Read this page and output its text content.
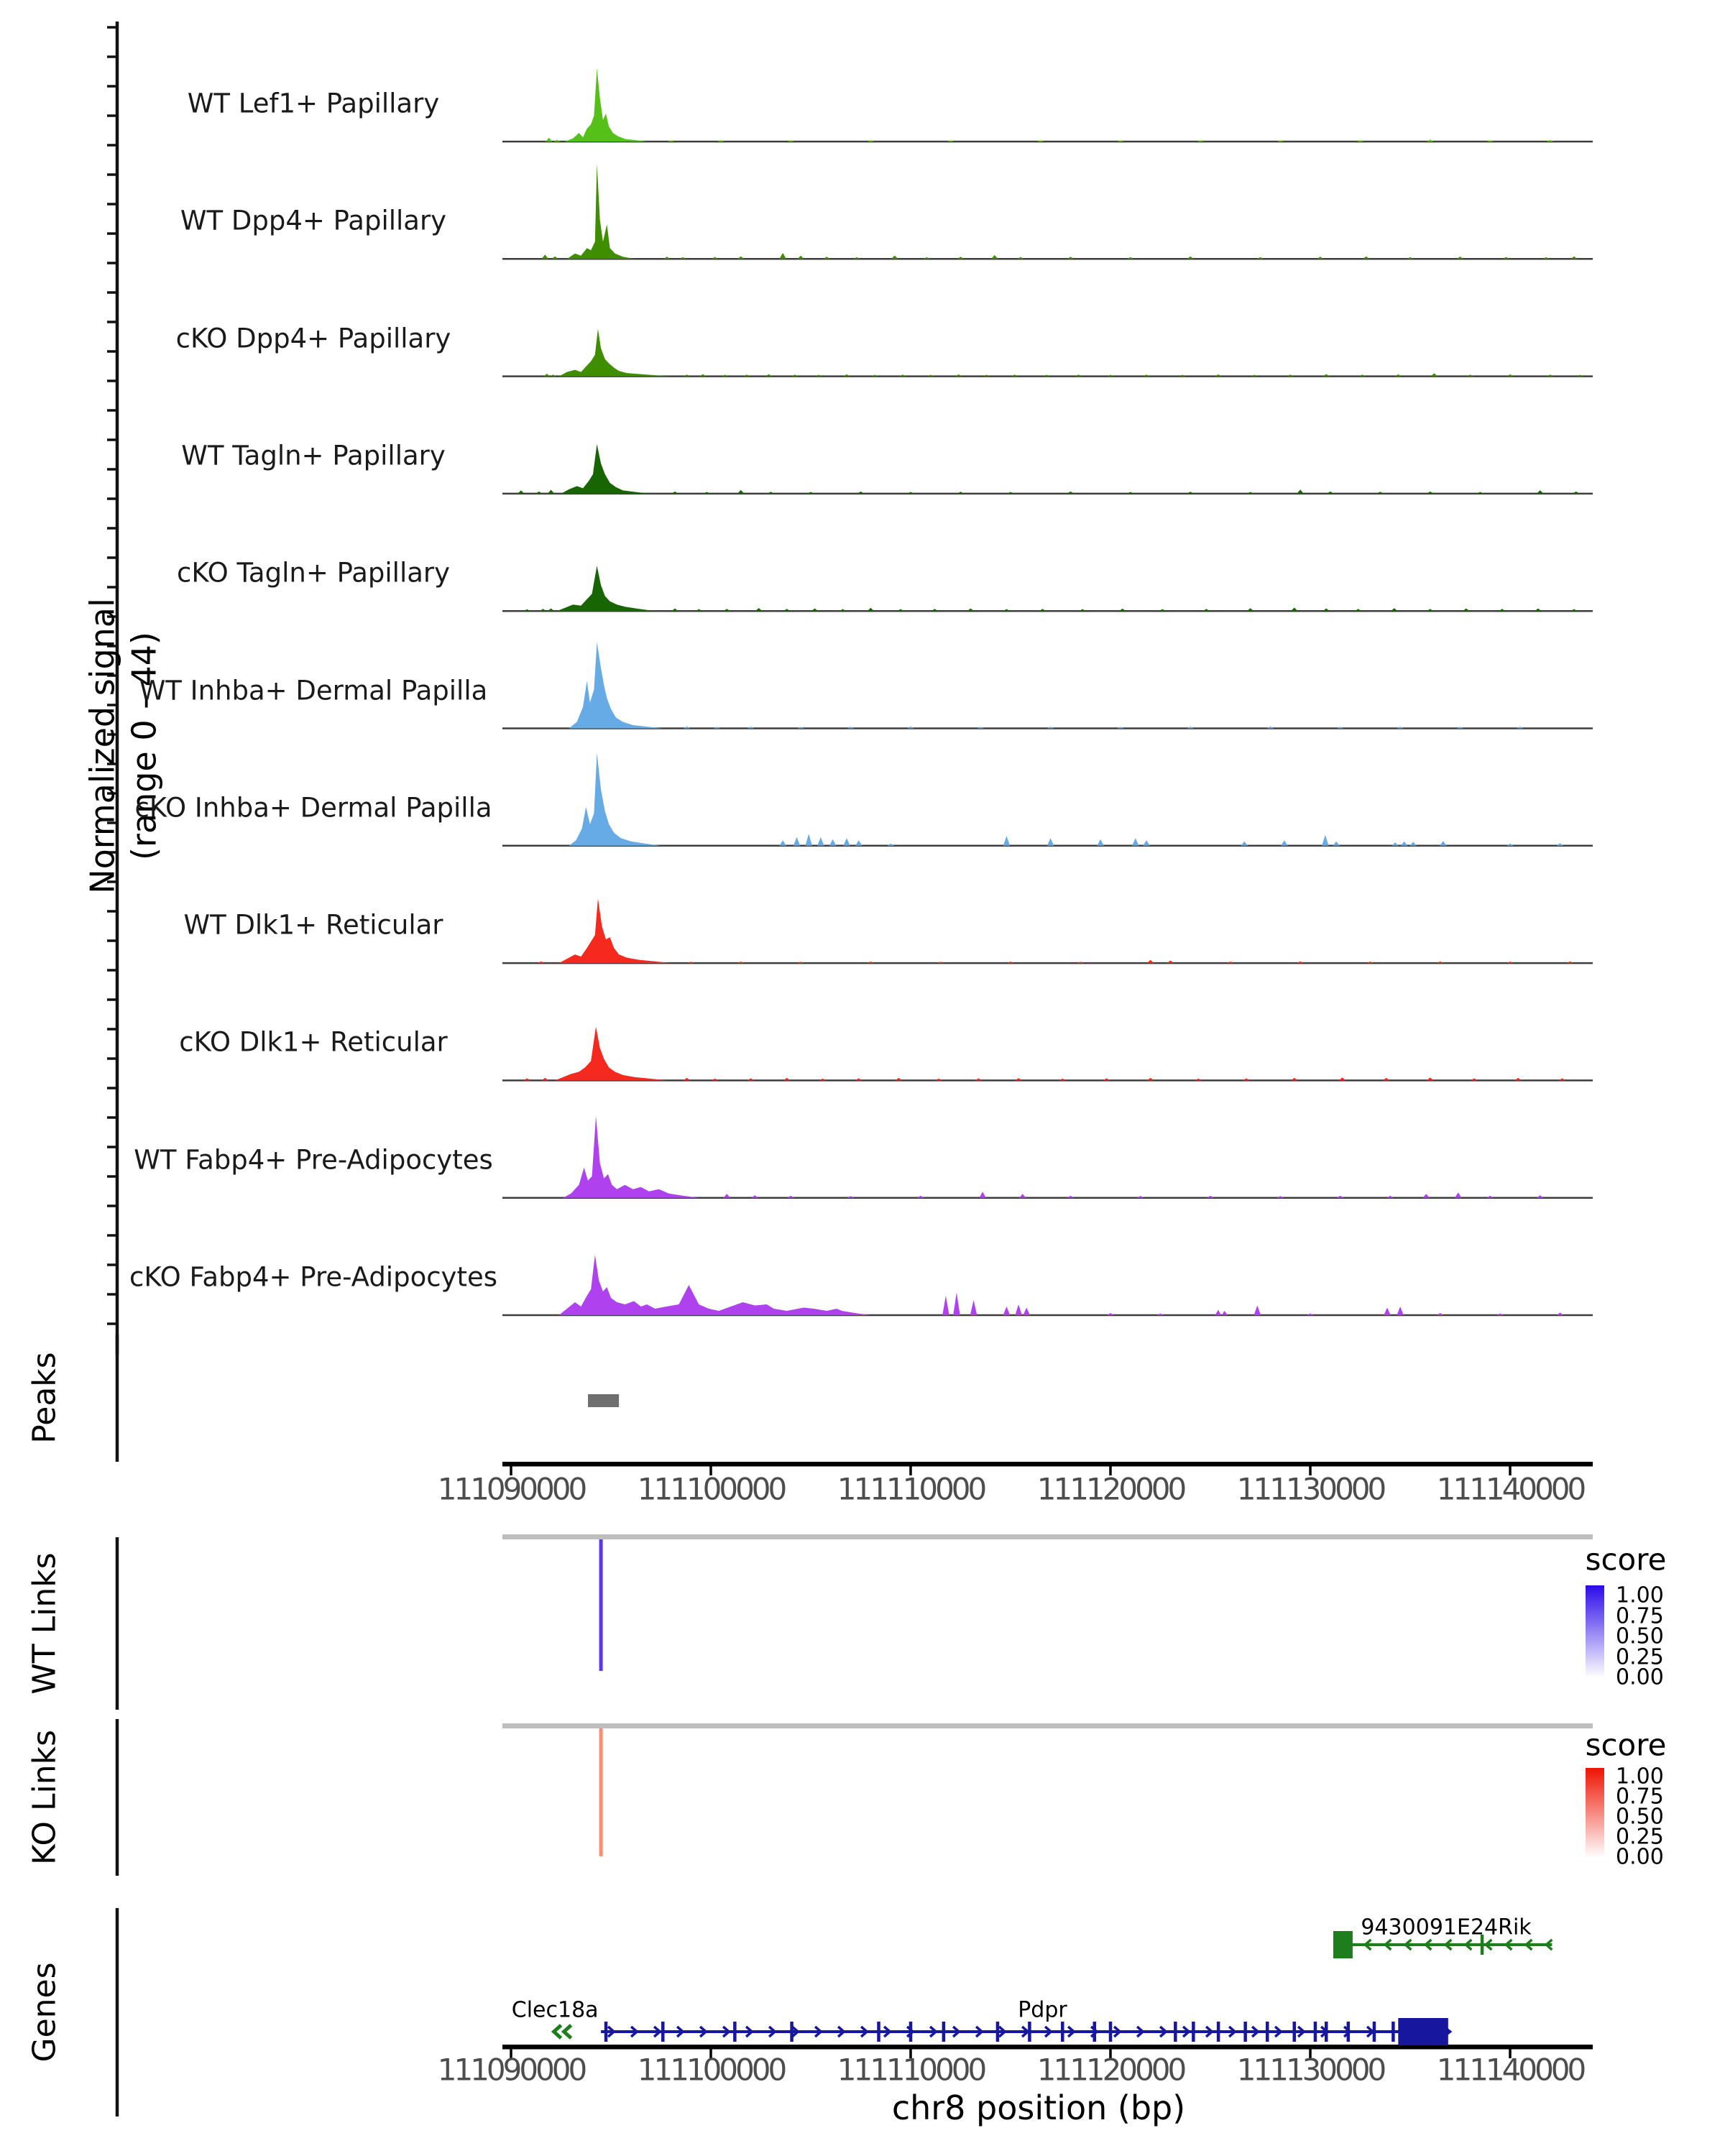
Normalized signal (range 0 - 44)
Peaks
WT Links
KO Links
Genes
WT Lef1+ Papillary
WT Dpp4+ Papillary
cKO Dpp4+ Papillary
WT Tagln+ Papillary
cKO Tagln+ Papillary
WT Inhba+ Dermal Papilla
cKO Inhba+ Dermal Papilla
WT Dlk1+ Reticular
cKO Dlk1+ Reticular
WT Fabp4+ Pre-Adipocytes
cKO Fabp4+ Pre-Adipocytes
111090000 111100000 111110000 111120000 111130000 111140000
111090000 111100000 111110000 111120000 111130000 111140000
chr8 position (bp)
score
1.00
0.75
0.50
0.25
0.00
score
1.00
0.75
0.50
0.25
0.00
9430091E24Rik
Clec18a	Pdpr
